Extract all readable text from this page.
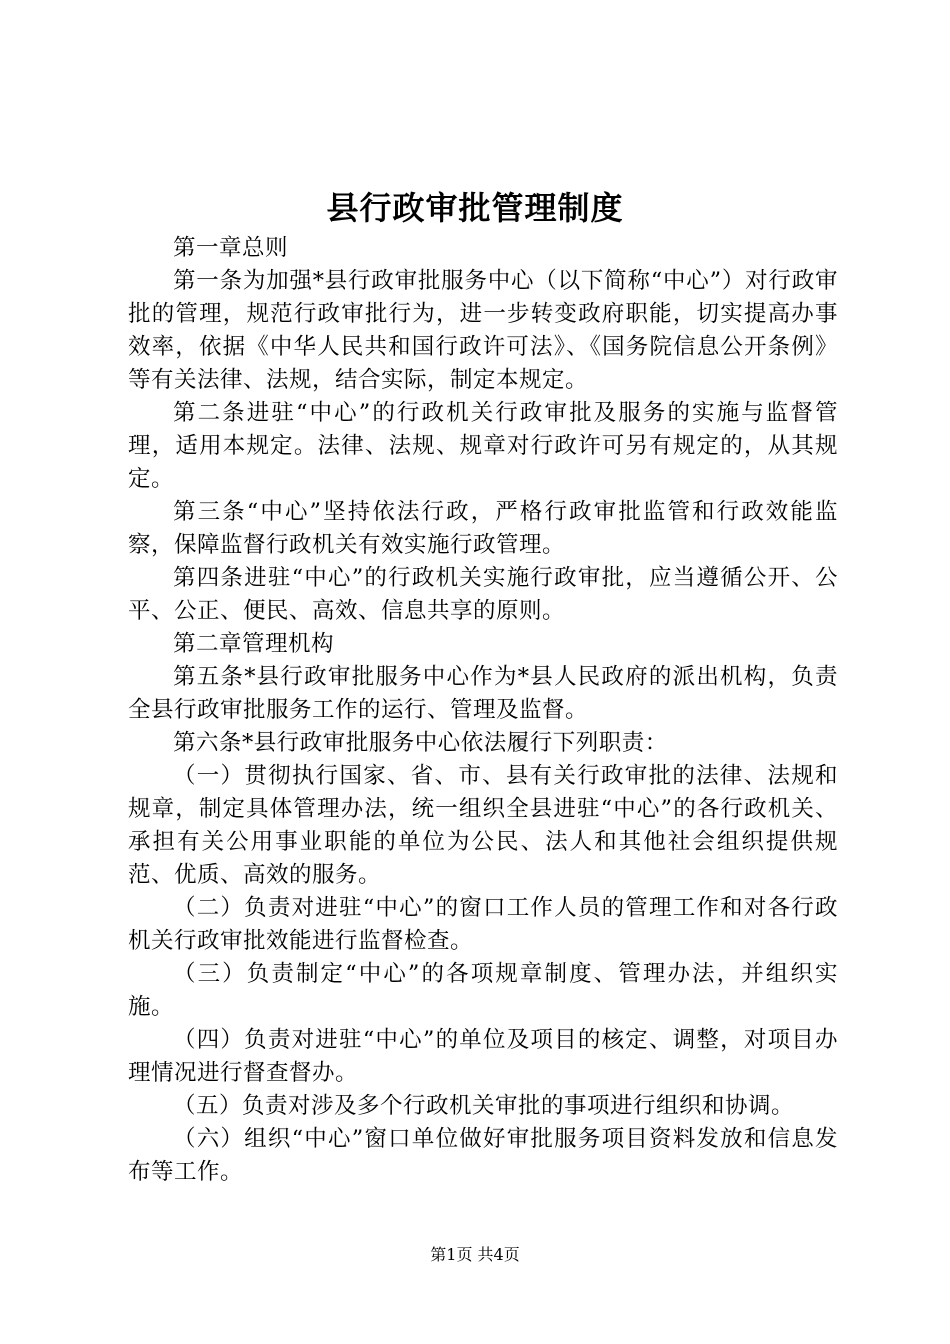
县行政审批管理制度

第一章总则

第一条为加强*县行政审批服务中心（以下简称“中心”）对行政审批的管理，规范行政审批行为，进一步转变政府职能，切实提高办事效率，依据《中华人民共和国行政许可法》、《国务院信息公开条例》等有关法律、法规，结合实际，制定本规定。

第二条进驻“中心”的行政机关行政审批及服务的实施与监督管理，适用本规定。法律、法规、规章对行政许可另有规定的，从其规定。

第三条“中心”坚持依法行政，严格行政审批监管和行政效能监察，保障监督行政机关有效实施行政管理。

第四条进驻“中心”的行政机关实施行政审批，应当遵循公开、公平、公正、便民、高效、信息共享的原则。

第二章管理机构

第五条*县行政审批服务中心作为*县人民政府的派出机构，负责全县行政审批服务工作的运行、管理及监督。

第六条*县行政审批服务中心依法履行下列职责：

（一）贯彻执行国家、省、市、县有关行政审批的法律、法规和规章，制定具体管理办法，统一组织全县进驻“中心”的各行政机关、承担有关公用事业职能的单位为公民、法人和其他社会组织提供规范、优质、高效的服务。

（二）负责对进驻“中心”的窗口工作人员的管理工作和对各行政机关行政审批效能进行监督检查。

（三）负责制定“中心”的各项规章制度、管理办法，并组织实施。

（四）负责对进驻“中心”的单位及项目的核定、调整，对项目办理情况进行督查督办。

（五）负责对涉及多个行政机关审批的事项进行组织和协调。

（六）组织“中心”窗口单位做好审批服务项目资料发放和信息发布等工作。

第1页 共4页
